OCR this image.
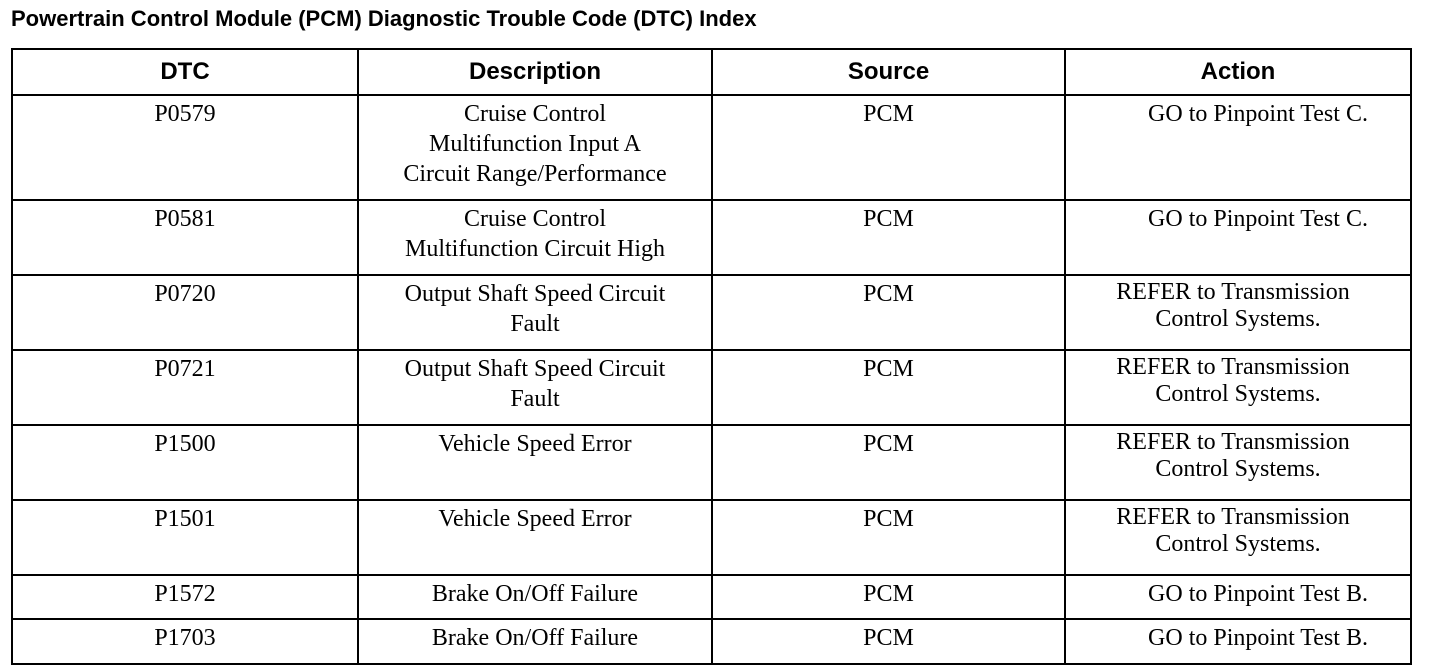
Powertrain Control Module (PCM) Diagnostic Trouble Code (DTC) Index
DTC	Description	Source	Action
P0579	Cruise Control
Multifunction Input A
Circuit Range/Performance	PCM	GO to Pinpoint Test C.

P0581	Cruise Control
Multifunction Circuit High	PCM	GO to Pinpoint Test C.

P0720	Output Shaft Speed Circuit
Fault	PCM	REFER to Transmission
Control Systems.

P0721	Output Shaft Speed Circuit
Fault	PCM	REFER to Transmission
Control Systems.

P1500	Vehicle Speed Error	PCM	REFER to Transmission
Control Systems.

P1501	Vehicle Speed Error	PCM	REFER to Transmission
Control Systems.

P1572	Brake On/Off Failure	PCM	GO to Pinpoint Test B.

P1703	Brake On/Off Failure	PCM	GO to Pinpoint Test B.
